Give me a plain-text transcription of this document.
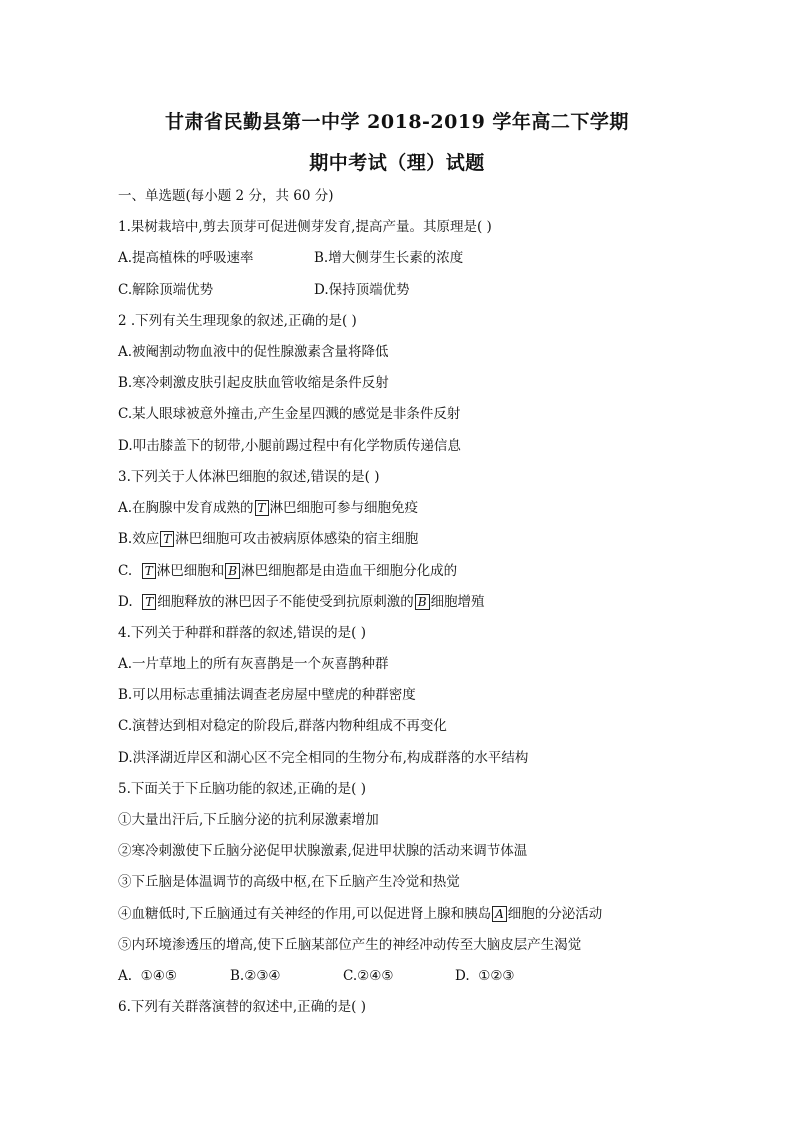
甘肃省民勤县第一中学 2018-2019 学年高二下学期
期中考试（理）试题
一、单选题(每小题 2 分，共 60 分)
1.果树栽培中,剪去顶芽可促进侧芽发育,提高产量。其原理是( )
A.提高植株的呼吸速率	B.增大侧芽生长素的浓度
C.解除顶端优势	D.保持顶端优势
2 .下列有关生理现象的叙述,正确的是( )
A.被阉割动物血液中的促性腺激素含量将降低
B.寒冷刺激皮肤引起皮肤血管收缩是条件反射
C.某人眼球被意外撞击,产生金星四溅的感觉是非条件反射
D.叩击膝盖下的韧带,小腿前踢过程中有化学物质传递信息
3.下列关于人体淋巴细胞的叙述,错误的是( )
A.在胸腺中发育成熟的 T 淋巴细胞可参与细胞免疫
B.效应 T 淋巴细胞可攻击被病原体感染的宿主细胞
C.  T 淋巴细胞和 B 淋巴细胞都是由造血干细胞分化成的
D.  T 细胞释放的淋巴因子不能使受到抗原刺激的 B 细胞增殖
4.下列关于种群和群落的叙述,错误的是( )
A.一片草地上的所有灰喜鹊是一个灰喜鹊种群
B.可以用标志重捕法调查老房屋中壁虎的种群密度
C.演替达到相对稳定的阶段后,群落内物种组成不再变化
D.洪泽湖近岸区和湖心区不完全相同的生物分布,构成群落的水平结构
5.下面关于下丘脑功能的叙述,正确的是( )
①大量出汗后,下丘脑分泌的抗利尿激素增加
②寒冷刺激使下丘脑分泌促甲状腺激素,促进甲状腺的活动来调节体温
③下丘脑是体温调节的高级中枢,在下丘脑产生冷觉和热觉
④血糖低时,下丘脑通过有关神经的作用,可以促进肾上腺和胰岛 A 细胞的分泌活动
⑤内环境渗透压的增高,使下丘脑某部位产生的神经冲动传至大脑皮层产生渴觉
A.  ①④⑤	B.②③④	C.②④⑤	D.  ①②③
6.下列有关群落演替的叙述中,正确的是( )
